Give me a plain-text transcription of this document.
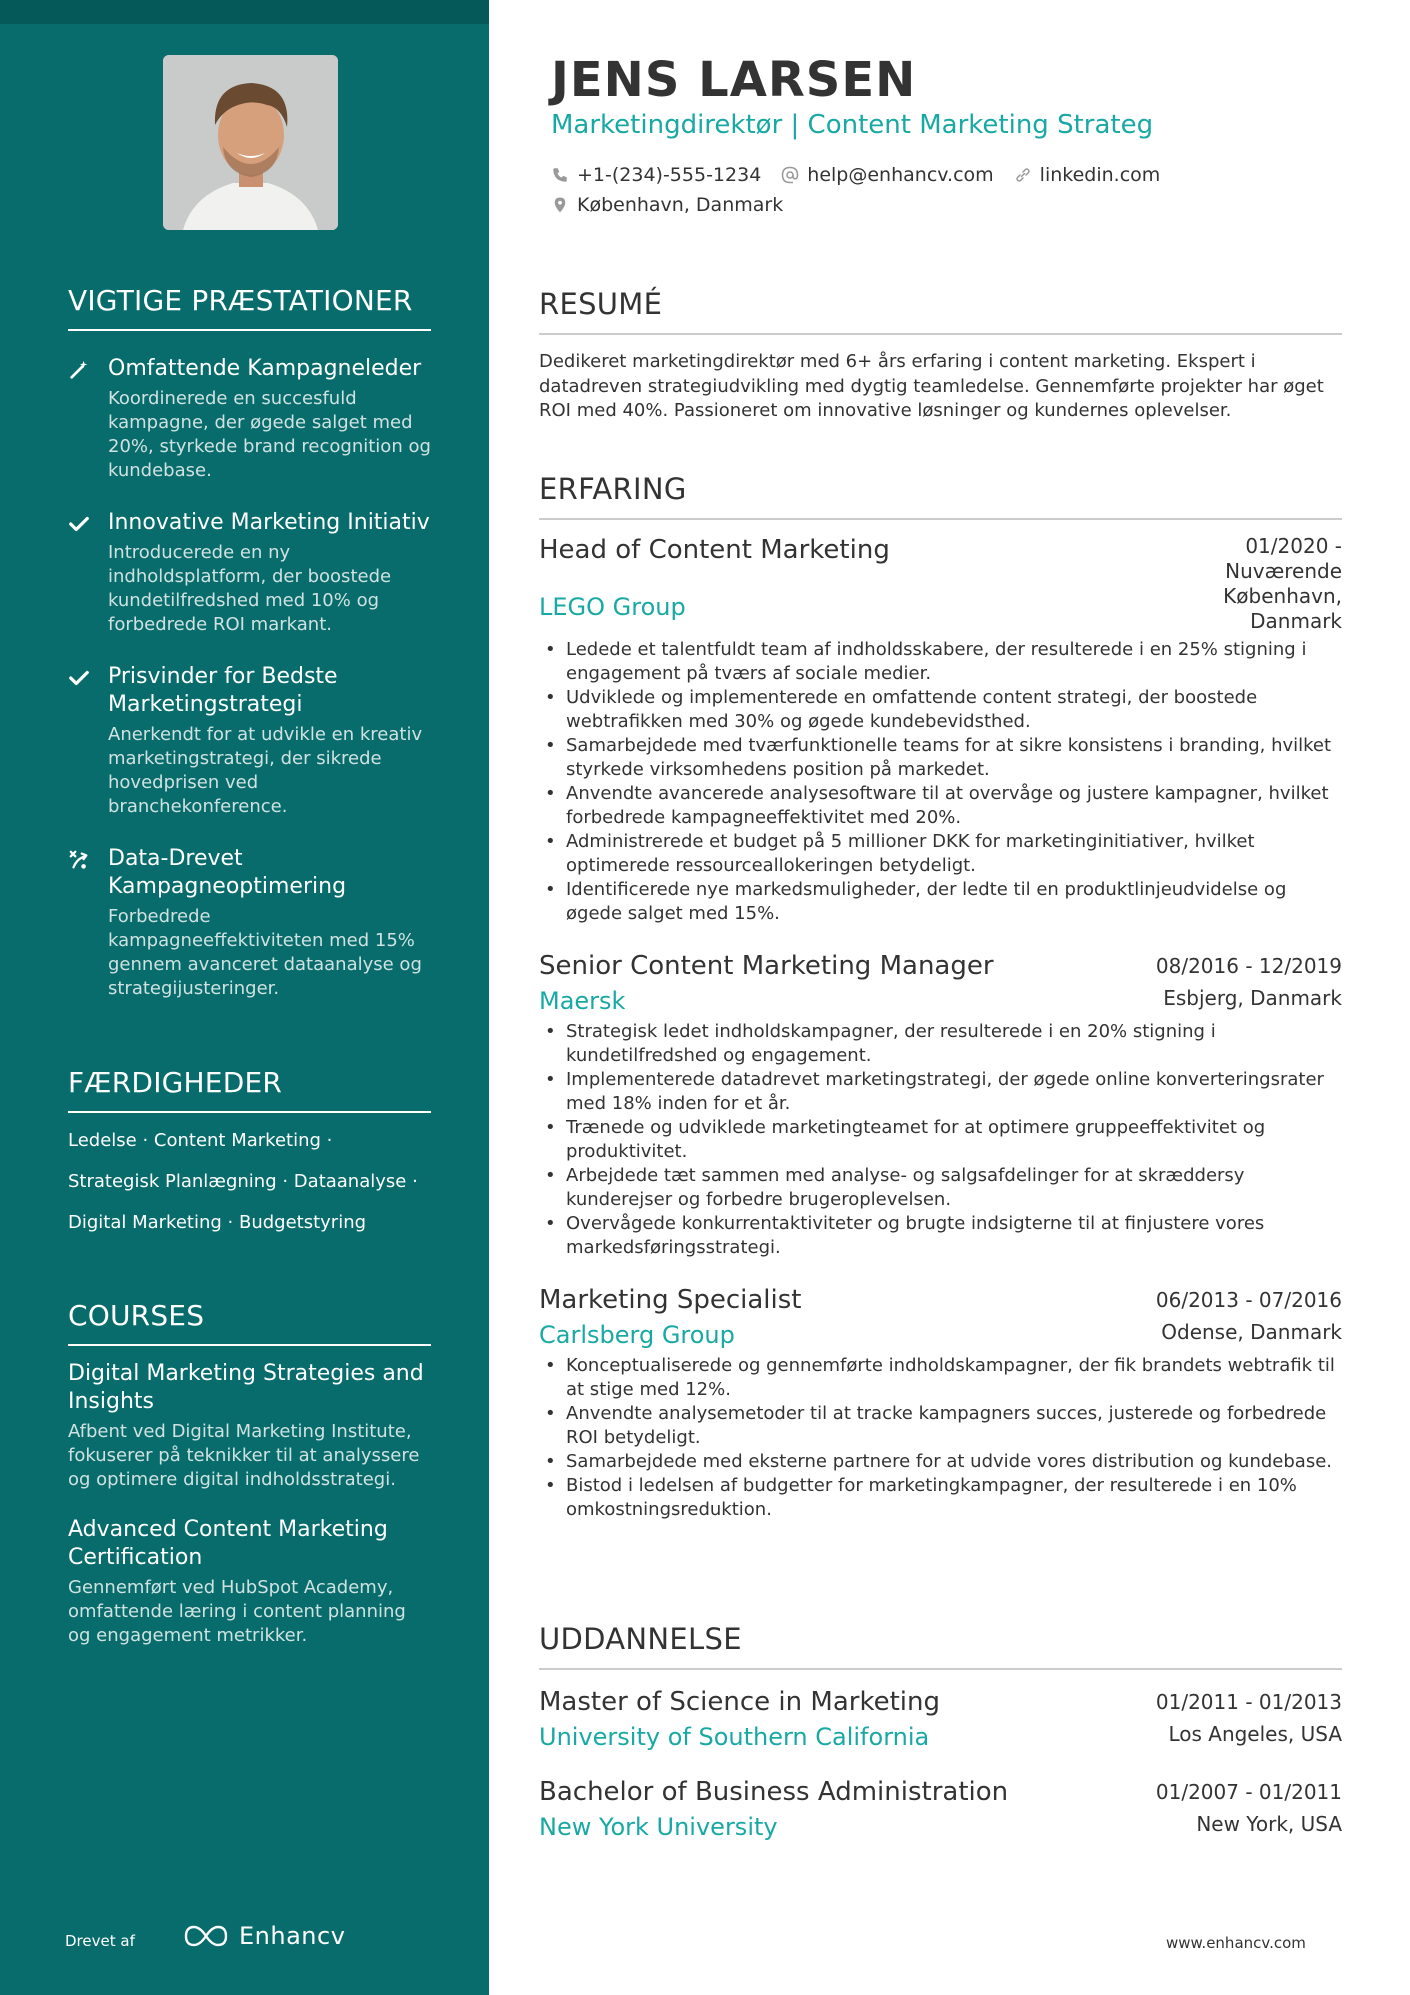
VIGTIGE PRÆSTATIONER
Omfattende Kampagneleder
Koordinerede en succesfuld kampagne, der øgede salget med 20%, styrkede brand recognition og kundebase.
Innovative Marketing Initiativ
Introducerede en ny indholdsplatform, der boostede kundetilfredshed med 10% og forbedrede ROI markant.
Prisvinder for Bedste Marketingstrategi
Anerkendt for at udvikle en kreativ marketingstrategi, der sikrede hovedprisen ved branchekonference.
Data-Drevet Kampagneoptimering
Forbedrede kampagneeffektiviteten med 15% gennem avanceret dataanalyse og strategijusteringer.
FÆRDIGHEDER
Ledelse · Content Marketing ·
Strategisk Planlægning · Dataanalyse ·
Digital Marketing · Budgetstyring
COURSES
Digital Marketing Strategies and Insights
Afbent ved Digital Marketing Institute, fokuserer på teknikker til at analyssere og optimere digital indholdsstrategi.
Advanced Content Marketing Certification
Gennemført ved HubSpot Academy, omfattende læring i content planning og engagement metrikker.
Drevet af	Enhancv
JENS LARSEN
Marketingdirektør | Content Marketing Strateg
+1-(234)-555-1234 help@enhancv.com linkedin.com
København, Danmark
RESUMÉ
Dedikeret marketingdirektør med 6+ års erfaring i content marketing. Ekspert i datadreven strategiudvikling med dygtig teamledelse. Gennemførte projekter har øget ROI med 40%. Passioneret om innovative løsninger og kundernes oplevelser.
ERFARING
Head of Content Marketing	01/2020 -
Nuværende
LEGO Group	København,
Danmark
• Ledede et talentfuldt team af indholdsskabere, der resulterede i en 25% stigning i engagement på tværs af sociale medier.
• Udviklede og implementerede en omfattende content strategi, der boostede webtrafikken med 30% og øgede kundebevidsthed.
• Samarbejdede med tværfunktionelle teams for at sikre konsistens i branding, hvilket styrkede virksomhedens position på markedet.
• Anvendte avancerede analysesoftware til at overvåge og justere kampagner, hvilket forbedrede kampagneeffektivitet med 20%.
• Administrerede et budget på 5 millioner DKK for marketinginitiativer, hvilket optimerede ressourceallokeringen betydeligt.
• Identificerede nye markedsmuligheder, der ledte til en produktlinjeudvidelse og øgede salget med 15%.
Senior Content Marketing Manager	08/2016 - 12/2019
Maersk	Esbjerg, Danmark
• Strategisk ledet indholdskampagner, der resulterede i en 20% stigning i kundetilfredshed og engagement.
• Implementerede datadrevet marketingstrategi, der øgede online konverteringsrater med 18% inden for et år.
• Trænede og udviklede marketingteamet for at optimere gruppeeffektivitet og produktivitet.
• Arbejdede tæt sammen med analyse- og salgsafdelinger for at skræddersy kunderejser og forbedre brugeroplevelsen.
• Overvågede konkurrentaktiviteter og brugte indsigterne til at finjustere vores markedsføringsstrategi.
Marketing Specialist	06/2013 - 07/2016
Carlsberg Group	Odense, Danmark
• Konceptualiserede og gennemførte indholdskampagner, der fik brandets webtrafik til at stige med 12%.
• Anvendte analysemetoder til at tracke kampagners succes, justerede og forbedrede ROI betydeligt.
• Samarbejdede med eksterne partnere for at udvide vores distribution og kundebase.
• Bistod i ledelsen af budgetter for marketingkampagner, der resulterede i en 10% omkostningsreduktion.
UDDANNELSE
Master of Science in Marketing	01/2011 - 01/2013
University of Southern California	Los Angeles, USA
Bachelor of Business Administration	01/2007 - 01/2011
New York University	New York, USA
www.enhancv.com
